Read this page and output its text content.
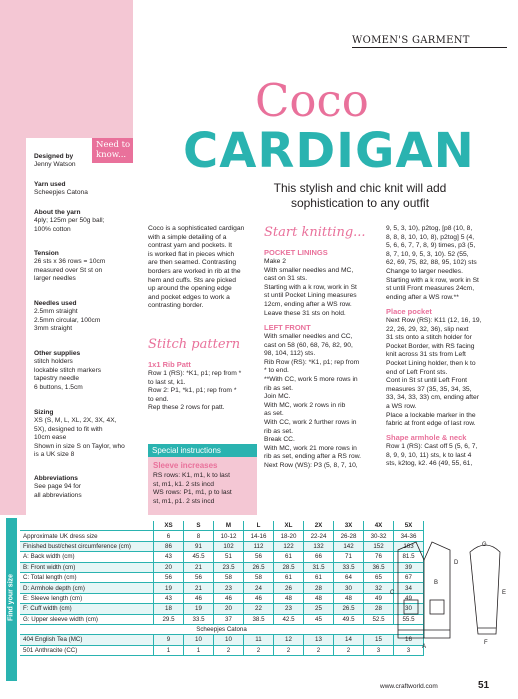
Need to
know...
WOMEN'S GARMENT
Coco
CARDIGAN
This stylish and chic knit will add
sophistication to any outfit
Designed by
Jenny Watson
Yarn used
Scheepjes Catona
About the yarn
4ply; 125m per 50g ball;
100% cotton
Tension
26 sts x 36 rows = 10cm
measured over St st on
larger needles
Needles used
2.5mm straight
2.5mm circular, 100cm
3mm straight
Other supplies
stitch holders
lockable stitch markers
tapestry needle
6 buttons, 1.5cm
Sizing
XS (S, M, L, XL, 2X, 3X, 4X,
5X), designed to fit with
10cm ease
Shown in size S on Taylor, who
is a UK size 8
Abbreviations
See page 94 for
all abbreviations
Coco is a sophisticated cardigan
with a simple detailing of a
contrast yarn and pockets. It
is worked flat in pieces which
are then seamed. Contrasting
borders are worked in rib at the
hem and cuffs. Sts are picked
up around the opening edge
and pocket edges to work a
contrasting border.
Stitch pattern
1x1 Rib Patt
Row 1 (RS): *K1, p1; rep from *
to last st, k1.
Row 2: P1, *k1, p1; rep from *
to end.
Rep these 2 rows for patt.
Special instructions
Sleeve increases
RS rows: K1, m1, k to last
st, m1, k1. 2 sts incd
WS rows: P1, m1, p to last
st, m1, p1. 2 sts incd
Start knitting...
POCKET LININGS
Make 2
With smaller needles and MC,
cast on 31 sts.
Starting with a k row, work in St
st until Pocket Lining measures
12cm, ending after a WS row.
Leave these 31 sts on hold.
LEFT FRONT
With smaller needles and CC,
cast on 58 (60, 68, 76, 82, 90,
98, 104, 112) sts.
Rib Row (RS): *K1, p1; rep from
* to end.
**With CC, work 5 more rows in
rib as set.
Join MC.
With MC, work 2 rows in rib
as set.
With CC, work 2 further rows in
rib as set.
Break CC.
With MC, work 21 more rows in
rib as set, ending after a RS row.
Next Row (WS): P3 (5, 8, 7, 10,
9, 5, 3, 10), p2tog, [p8 (10, 8,
8, 8, 8, 10, 10, 8), p2tog] 5 (4,
5, 6, 6, 7, 7, 8, 9) times, p3 (5,
8, 7, 10, 9, 5, 3, 10). 52 (55,
62, 69, 75, 82, 88, 95, 102) sts
Change to larger needles.
Starting with a k row, work in St
st until Front measures 24cm,
ending after a WS row.**
Place pocket
Next Row (RS): K11 (12, 16, 19,
22, 26, 29, 32, 36), slip next
31 sts onto a stitch holder for
Pocket Border, with RS facing
knit across 31 sts from Left
Pocket Lining holder, then k to
end of Left Front sts.
Cont in St st until Left Front
measures 37 (35, 35, 34, 35,
33, 34, 33, 33) cm, ending after
a WS row.
Place a lockable marker in the
fabric at front edge of last row.
Shape armhole & neck
Row 1 (RS): Cast off 5 (5, 6, 7,
8, 9, 9, 10, 11) sts, k to last 4
sts, k2tog, k2. 46 (49, 55, 61,
Find your size
	XS	S	M	L	XL	2X	3X	4X	5X
Approximate UK dress size	6	8	10-12	14-16	18-20	22-24	26-28	30-32	34-36
Finished bust/chest circumference (cm)	86	91	102	112	122	132	142	152	163
A: Back width (cm)	43	45.5	51	56	61	66	71	76	81.5
B: Front width (cm)	20	21	23.5	26.5	28.5	31.5	33.5	36.5	39
C: Total length (cm)	56	56	58	58	61	61	64	65	67
D: Armhole depth (cm)	19	21	23	24	26	28	30	32	34
E: Sleeve length (cm)	43	46	46	46	48	48	48	49	49
F: Cuff width (cm)	18	19	20	22	23	25	26.5	28	30
G: Upper sleeve width (cm)	29.5	33.5	37	38.5	42.5	45	49.5	52.5	55.5
Scheepjes Catona									
404 English Tea (MC)	9	10	10	11	12	13	14	15	16
501 Anthracite (CC)	1	1	2	2	2	2	2	3	3 A
B
C
D
E
F
G
www.craftworld.com	51
